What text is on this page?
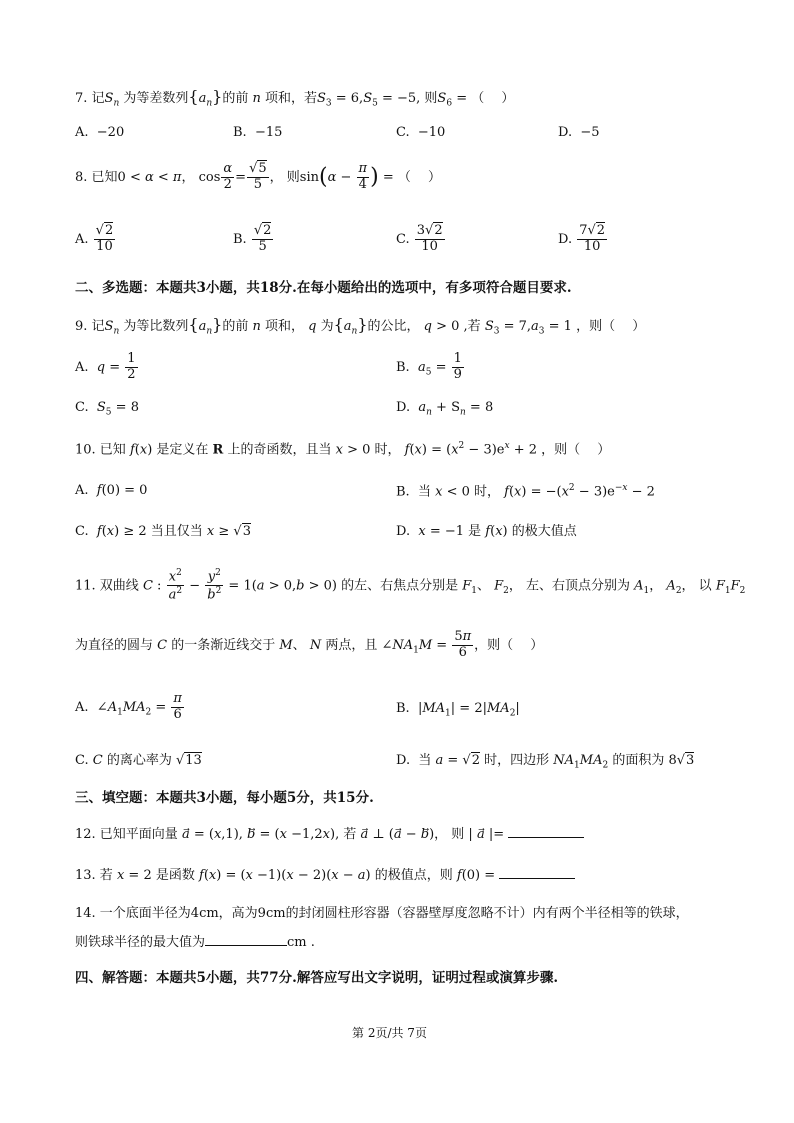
7. 记$S_n$ 为等差数列$\{a_n\}$的前 n 项和，若$S_3 = 6,S_5 = -5$, 则$S_6$ = （　 ）
A.  −20	B.  −15	C.  −10	D.  −5
8. 已知0 < α < π， $\cos \frac{\alpha}{2} = \frac{√5}{5}$ ， 则$\sin(\alpha - \frac{\pi}{4}$ ) = （　 ）
A. $\frac{√2}{10}$	B. $\frac{√2}{5}$	C. $\frac{3√2}{10}$	D. $\frac{7√2}{10}$
二、多选题：本题共3小题，共18分.在每小题给出的选项中，有多项符合题目要求.
9. 记$S_n$ 为等比数列$\{a_n\}$的前 n 项和， q 为$\{a_n\}$的公比， q > 0 ,若 $S_3 = 7,a_3 = 1$ ，则（　 ）
A.  $q = \frac{1}{2}$	B.  $a_5 = \frac{1}{9}$
C.  $S_5 = 8$	D.  $a_n + S_n = 8$
10. 已知 f(x) 是定义在 R 上的奇函数，且当 x > 0 时， $f(x) = (x^2 - 3)e^x + 2$ ，则（　 ）
A.  f(0) = 0	B.  当 x < 0 时， $f(x) = -(x^2 - 3)e^{-x} - 2$
C.  f(x) ≥ 2 当且仅当 x ≥ √3	D.  x = −1 是 f(x) 的极大值点
11. 双曲线 C : $\frac{x^2}{a^2} - \frac{y^2}{b^2} = 1(a > 0,b > 0)$ 的左、右焦点分别是 $F_1$、 $F_2$， 左、右顶点分别为 $A_1$， $A_2$， 以 $F_1F_2$
为直径的圆与 C 的一条渐近线交于 M、 N 两点，且 $\angle NA_1M = \frac{5\pi}{6}$ ，则（　 ）
A.  $\angle A_1MA_2 = \frac{\pi}{6}$	B.  $|MA_1| = 2|MA_2|$
C. C 的离心率为 √13	D.  当 a = √2 时，四边形 $NA_1MA_2$ 的面积为 8√3
三、填空题：本题共3小题，每小题5分，共15分.
12. 已知平面向量 a⃗ = (x,1), b⃗ = (x −1,2x), 若 a⃗ ⊥ (a⃗ − b⃗)， 则 | a⃗ |=
13. 若 x = 2 是函数 f(x) = (x −1)(x − 2)(x − a) 的极值点，则 f(0) =
14. 一个底面半径为4cm，高为9cm的封闭圆柱形容器（容器壁厚度忽略不计）内有两个半径相等的铁球，
则铁球半径的最大值为	cm .
四、解答题：本题共5小题，共77分.解答应写出文字说明，证明过程或演算步骤.
第 2页/共 7页
